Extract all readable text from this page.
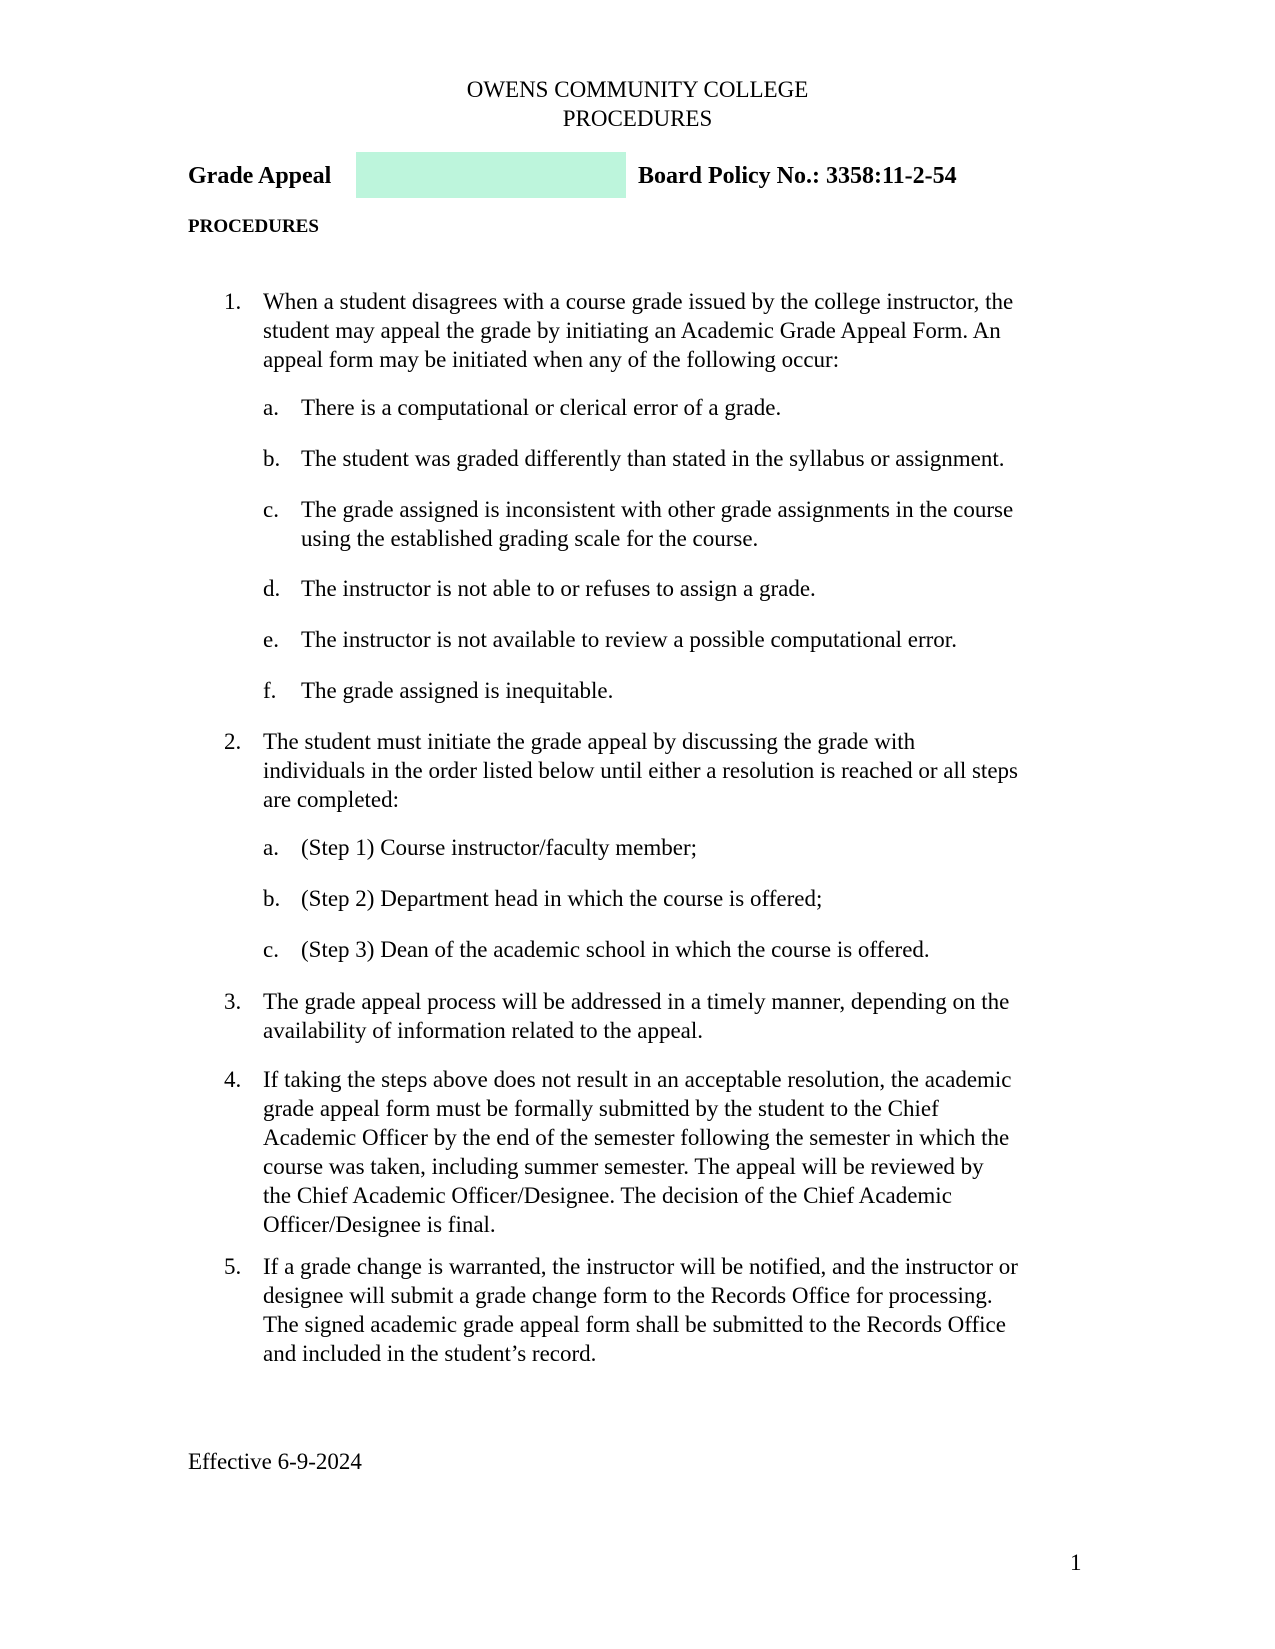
OWENS COMMUNITY COLLEGE
PROCEDURES
Grade Appeal	Board Policy No.: 3358:11-2-54
PROCEDURES
1. When a student disagrees with a course grade issued by the college instructor, the
student may appeal the grade by initiating an Academic Grade Appeal Form. An
appeal form may be initiated when any of the following occur:
a. There is a computational or clerical error of a grade.
b. The student was graded differently than stated in the syllabus or assignment.
c. The grade assigned is inconsistent with other grade assignments in the course
using the established grading scale for the course.
d. The instructor is not able to or refuses to assign a grade.
e. The instructor is not available to review a possible computational error.
f. The grade assigned is inequitable.
2. The student must initiate the grade appeal by discussing the grade with
individuals in the order listed below until either a resolution is reached or all steps
are completed:
a. (Step 1) Course instructor/faculty member;
b. (Step 2) Department head in which the course is offered;
c. (Step 3) Dean of the academic school in which the course is offered.
3. The grade appeal process will be addressed in a timely manner, depending on the
availability of information related to the appeal.
4. If taking the steps above does not result in an acceptable resolution, the academic
grade appeal form must be formally submitted by the student to the Chief
Academic Officer by the end of the semester following the semester in which the
course was taken, including summer semester. The appeal will be reviewed by
the Chief Academic Officer/Designee. The decision of the Chief Academic
Officer/Designee is final.
5. If a grade change is warranted, the instructor will be notified, and the instructor or
designee will submit a grade change form to the Records Office for processing.
The signed academic grade appeal form shall be submitted to the Records Office
and included in the student’s record.
Effective 6-9-2024
1
